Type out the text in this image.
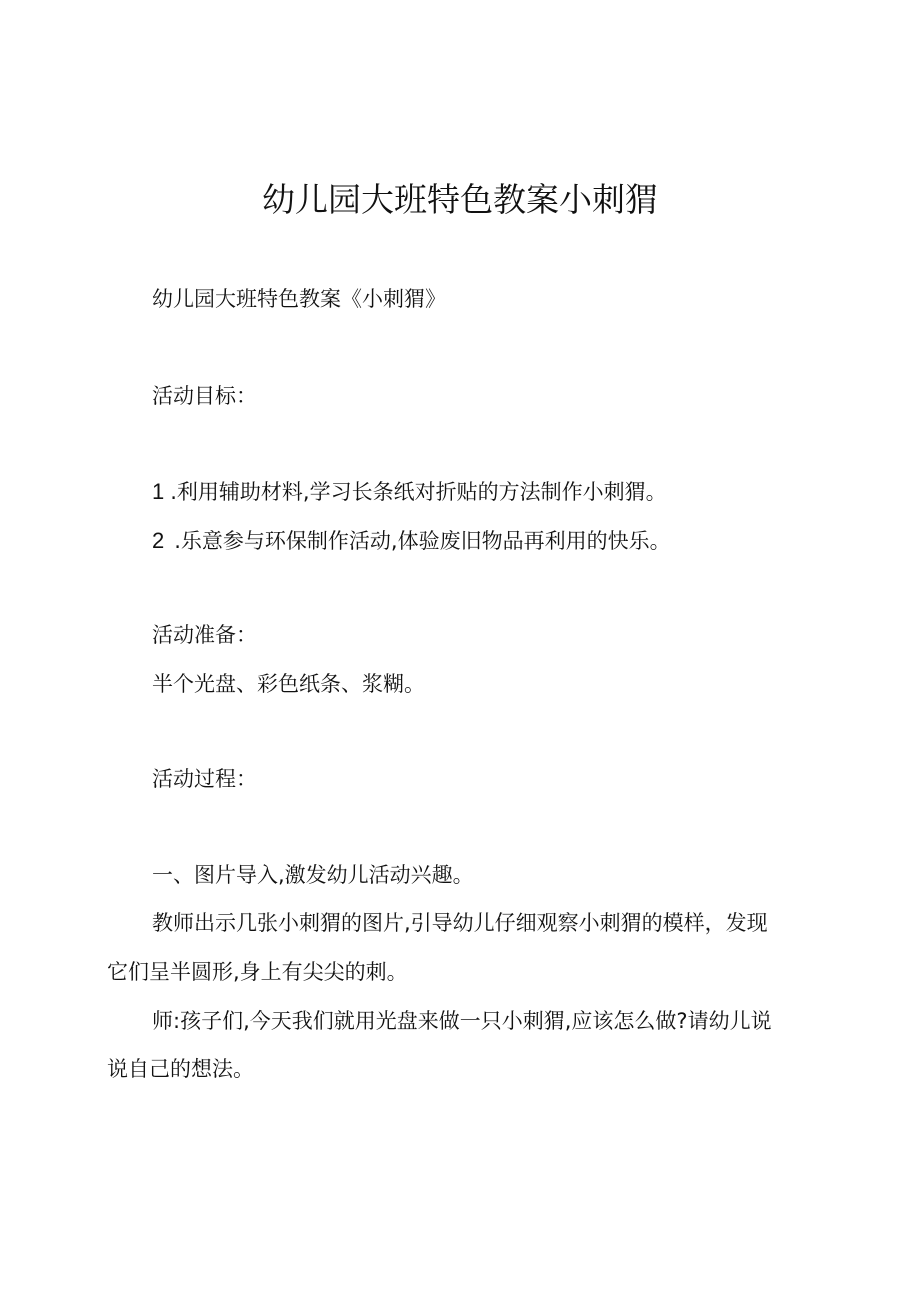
幼儿园大班特色教案小刺猬
幼儿园大班特色教案《小刺猬》
活动目标：
1 .利用辅助材料,学习长条纸对折贴的方法制作小刺猬。
2 .乐意参与环保制作活动,体验废旧物品再利用的快乐。
活动准备：
半个光盘、彩色纸条、浆糊。
活动过程：
一、图片导入,激发幼儿活动兴趣。
教师出示几张小刺猬的图片,引导幼儿仔细观察小刺猬的模样，发现
它们呈半圆形,身上有尖尖的刺。
师:孩子们,今天我们就用光盘来做一只小刺猬,应该怎么做?请幼儿说
说自己的想法。
